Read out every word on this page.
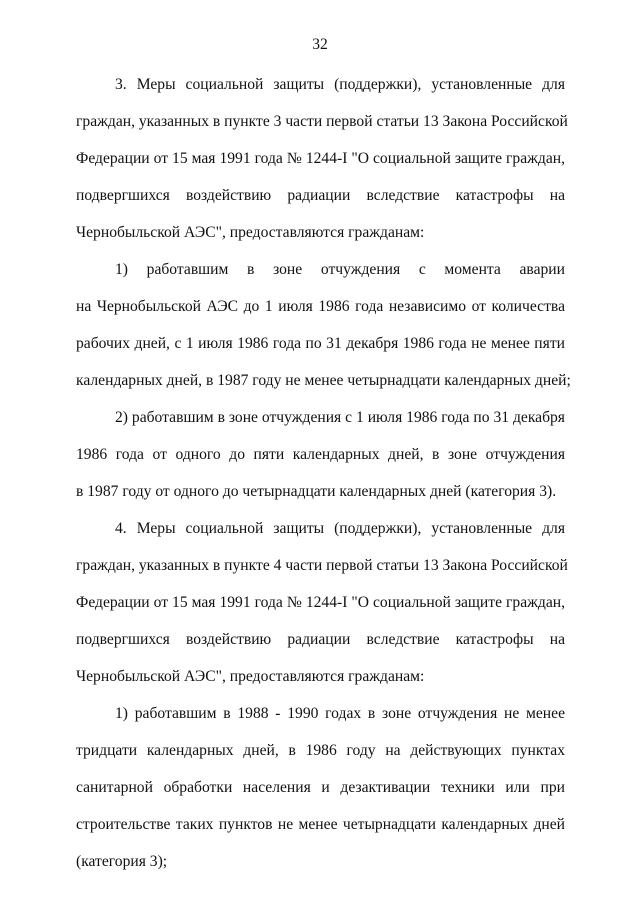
32
3. Меры социальной защиты (поддержки), установленные для
граждан, указанных в пункте 3 части первой статьи 13 Закона Российской
Федерации от 15 мая 1991 года № 1244-I "О социальной защите граждан,
подвергшихся воздействию радиации вследствие катастрофы на
Чернобыльской АЭС", предоставляются гражданам:
1) работавшим в зоне отчуждения с момента аварии
на Чернобыльской АЭС до 1 июля 1986 года независимо от количества
рабочих дней, с 1 июля 1986 года по 31 декабря 1986 года не менее пяти
календарных дней, в 1987 году не менее четырнадцати календарных дней;
2) работавшим в зоне отчуждения с 1 июля 1986 года по 31 декабря
1986 года от одного до пяти календарных дней, в зоне отчуждения
в 1987 году от одного до четырнадцати календарных дней (категория 3).
4. Меры социальной защиты (поддержки), установленные для
граждан, указанных в пункте 4 части первой статьи 13 Закона Российской
Федерации от 15 мая 1991 года № 1244-I "О социальной защите граждан,
подвергшихся воздействию радиации вследствие катастрофы на
Чернобыльской АЭС", предоставляются гражданам:
1) работавшим в 1988 - 1990 годах в зоне отчуждения не менее
тридцати календарных дней, в 1986 году на действующих пунктах
санитарной обработки населения и дезактивации техники или при
строительстве таких пунктов не менее четырнадцати календарных дней
(категория 3);
